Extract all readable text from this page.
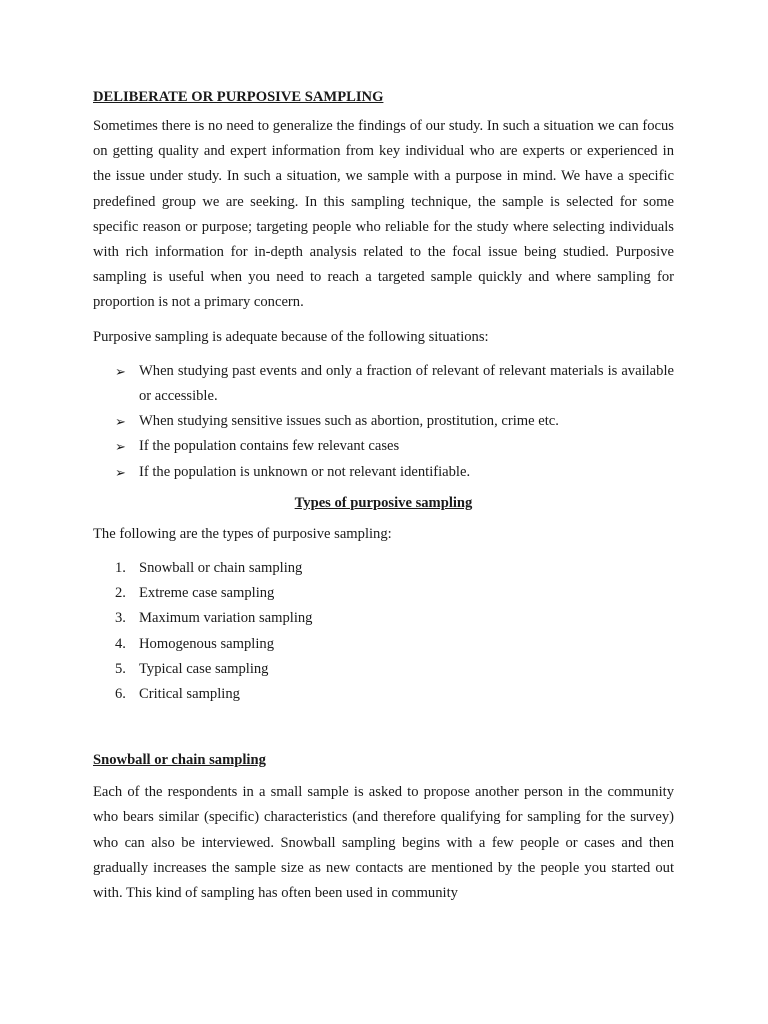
DELIBERATE OR PURPOSIVE SAMPLING

Sometimes there is no need to generalize the findings of our study. In such a situation we can focus on getting quality and expert information from key individual who are experts or experienced in the issue under study. In such a situation, we sample with a purpose in mind. We have a specific predefined group we are seeking. In this sampling technique, the sample is selected for some specific reason or purpose; targeting people who reliable for the study where selecting individuals with rich information for in-depth analysis related to the focal issue being studied. Purposive sampling is useful when you need to reach a targeted sample quickly and where sampling for proportion is not a primary concern.

Purposive sampling is adequate because of the following situations:

➢ When studying past events and only a fraction of relevant of relevant materials is available or accessible.
➢ When studying sensitive issues such as abortion, prostitution, crime etc.
➢ If the population contains few relevant cases
➢ If the population is unknown or not relevant identifiable.
Types of purposive sampling

The following are the types of purposive sampling:

1. Snowball or chain sampling
2. Extreme case sampling
3. Maximum variation sampling
4. Homogenous sampling
5. Typical case sampling
6. Critical sampling
Snowball or chain sampling

Each of the respondents in a small sample is asked to propose another person in the community who bears similar (specific) characteristics (and therefore qualifying for sampling for the survey) who can also be interviewed. Snowball sampling begins with a few people or cases and then gradually increases the sample size as new contacts are mentioned by the people you started out with. This kind of sampling has often been used in community
